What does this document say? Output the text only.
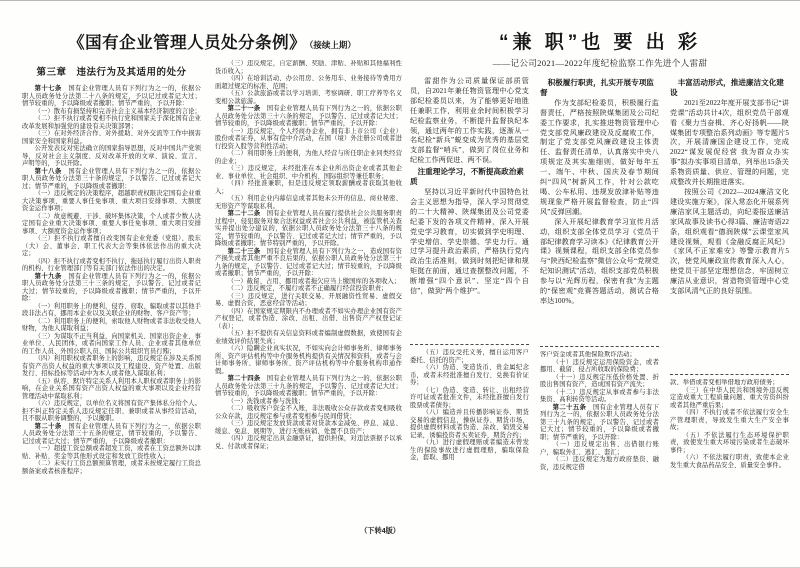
《国有企业管理人员处分条例》 （接续上期）
第三章　违法行为及其适用的处分

第十七条　国有企业管理人员有下列行为之一的，依据公职人员政务处分法第二十八条的规定，予以记过或者记大过；情节较重的，予以降级或者撤职；情节严重的，予以开除：

（一）散布有损坚持和完善社会主义基本经济制度的言论；

（二）拒不执行或者变相不执行党和国家关于深化国有企业改革发展和加强党的建设有关决策部署；

（三）在对外经济合作、对外援助、对外交流等工作中损害国家安全和国家利益。

公开发表反对宪法确立的国家指导思想，反对中国共产党领导，反对社会主义制度、反对改革开放的文章、演说、宣言、声明等的，予以开除。

第十八条　国有企业管理人员有下列行为之一的，依据公职人员政务处分法第三十条的规定，予以警告、记过或者记大过；情节严重的，予以降级或者撤职：

（一）违反规定的决策程序，超越职责权限决定国有企业重大决策事项、重要人事任免事项、重大项目安排事项、大额度资金运作事项；

（二）故意规避、干涉、破坏集体决策，个人或者少数人决定国有企业重大决策事项、重要人事任免事项、重大项目安排事项、大额度资金运作事项；

（三）拒不执行或者擅自改变国有企业党委（党组）、股东（大）会、董事会、职工代表大会等集体依法作出的重大决定；

（四）拒不执行或者变相不执行、拖延执行履行出资人职责的机构、行业管理部门等有关部门依法作出的决定。

第十九条　国有企业管理人员有下列行为之一的，依据公职人员政务处分法第三十三条的规定，予以警告、记过或者记大过；情节较重的，予以降级或者撤职；情节严重的，予以开除：

（一）利用职务上的便利，侵吞、窃取、骗取或者以其他手段非法占有，挪用本企业以及关联企业的财物、客户资产等；

（二）利用职务上的便利，索取他人财物或者非法收受他人财物，为他人谋取利益；

（三）为谋取不正当利益，向国家机关、国家出资企业、事业单位、人民团体，或者向国家工作人员、企业或者其他单位的工作人员、外国公职人员、国际公共组织官员行贿；

（四）利用职权或者职务上的影响，违反规定在涉及关系国有资产出资人权益的重大事项以及工程建设、资产处置、出版发行、招标投标等活动中为本人或者他人谋取私利；

（五）纵容、默许特定关系人利用本人职权或者职务上的影响，在企业关系国有资产出资人权益的重大事项以及企业经营管理活动中谋取私利；

（六）违反规定，以单位名义将国有资产集体私分给个人。拒不纠正特定关系人违反规定任职、兼职或者从事经营活动，且不服从职务调整的，予以撤职。

第二十条　国有企业管理人员有下列行为之一，依据公职人员政务处分法第三十五条的规定，情节较重的，予以警告、记过或者记大过；情节严重的，予以降级或者撤职：

（一）超提工资总额或者超发工资，或者在工资总额外以津贴、补贴、奖金等其他形式设定和发放工资性收入；

（二）未实行工资总额预算管理，或者未按规定履行工资总额备案或者核准程序；

（三）违反规定，自定薪酬、奖励、津贴、补贴和其他福利性货币收入；

（四）在培训活动、办公用房、公务用车、业务接待等费用方面超过规定的标准、范围；

（五）公款旅游或者以学习培训、考察调研、职工疗养等名义变相公款旅游。

第二十一条　国有企业管理人员有下列行为之一的，依据公职人员政务处分法第三十六条的规定，予以警告、记过或者记大过；情节较重的，予以降级或者撤职；情节严重的，予以开除：

（一）违反规定，个人经商办企业，拥有非上市公司（企业）股份或者证券，从事有偿中介活动，在国（境）外注册公司或者进行投资入股等营利性活动；

（二）利用职务上的便利，为他人经营与所任职企业同类经营的企业；

（三）违反规定，未经批准在本企业所出资企业或者其他企业、事业单位、社会组织、中介机构、国际组织等兼任职务；

（四）经批准兼职，但是违反规定领取薪酬或者获取其他收入；

（五）利用企业内幕信息或者其他未公开的信息、商业秘密、无形资产等谋取私利。

第二十二条　国有企业管理人员在履行提供社会公共服务职责过程中，侵犯服务对象合法权益或者社会公共利益，被监管机关查实并提出处分建议的，依据公职人员政务处分法第三十八条的规定，情节较重的，予以警告、记过或者记大过；情节严重的，予以降级或者撤职；情节特别严重的，予以开除。

第二十三条　国有企业管理人员有下列行为之一，造成国有资产损失或者其他严重不良后果的，依据公职人员政务处分法第三十九条的规定，予以警告、记过或者记大过；情节较重的，予以降级或者撤职；情节严重的，予以开除：

（一）截留、占用、挪用或者拖欠应当上缴国库的各项收入；

（二）违反规定，不履行或者不正确履行经营投资职责；

（三）违反规定，进行关联交易、开展融资性贸易、虚假交易、虚假合资，恶意经营等活动；

（四）在国家规定期限内不办理或者不如实办理企业国有资产产权登记，或者伪造、涂改、出租、出借、出售资产产权登记证（表）；

（五）拒不提供有关信息资料或者编制虚假数据，致使国有企业绩效评价结果失真；

（六）隐瞒企业真实状况，不如实向会计师事务所、律师事务所、资产评估机构等中介服务机构提供有关情况和资料，或者与会计师事务所、律师事务所、资产评估机构等中介服务机构串通作假。

第二十四条　国有企业管理人员有下列行为之一的，依据公职人员政务处分法第三十九条的规定，予以警告、记过或者记大过；情节较重的，予以降级或者撤职；情节严重的，予以开除：

（一）洗钱或者参与洗钱；

（二）吸收客户资金不入账，非法吸收公众存款或者变相吸收公众存款，违反规定参与或者变相参与民间借贷；

（三）违反规定发放贷款或者对贷款本金减免、停息、减息、缓息、免息、展期等，进行无账核销、处置不良资产；

（四）违反规定出具金融票证，提供担保，对违法票据予以承兑、付款或者保证；

（下转4版）
“兼 职”也 要 出 彩
——记公司2021—2022年度纪检监察工作先进个人雷甜

雷甜作为公司质量保证部质管员，自2021年兼任物资管理中心党支部纪检委员以来，为了能够更好地胜任兼职工作，利用业余时间积极学习纪检监察业务，不断提升监督执纪本领，通过两年的工作实践，逐渐从一名纪检“新兵”蜕变成为优秀的基层党支部监督“哨兵”，做到了岗位业务和纪检工作两促进、两不误。

注重理论学习，不断提高政治素质

坚持以习近平新时代中国特色社会主义思想为指导，深入学习贯彻党的二十大精神、陕煤集团及公司党委纪委下发的各项文件精神，深入开展党史学习教育，切实做到学史明理、学史增信、学史崇德、学史力行。通过学习提升政治素质，严格执行党内政治生活准则，做到时刻把纪律和规矩挺在前面，通过查摆整改问题，不断增强“四个意识”、坚定“四个自信”，做到“两个维护”。

（五）违反受托义务，擅自运用客户委托、信托的资产；

（六）伪造、变造货币、贵金属纪念币，或者未经批准擅自发行、兑换有价证券；

（七）伪造、变造、转让、出租经营许可证或者批准文件，未经批准擅自发行股票或者债券；

（八）编造并且传播影响证券、期货交易的虚假信息，操纵证券、期货市场，提供虚假材料或者伪造、涂改、销毁交易记录，诱骗投资者买卖证券、期货合约；

（九）进行虚假理赔或者编造未曾发生的保险事故进行虚假理赔，骗取保险金，套取、挪用

积极履行职责，扎实开展专项监督

作为支部纪检委员，积极履行监督责任，严格按照陕煤集团及公司纪委工作要求，扎实推进物资管理中心党支部党风廉政建设及反腐败工作，制定了党支部党风廉政建设主体责任、监督责任清单，认真落实中央八项规定及其实施细则，做好每年五一、端午、中秋、国庆及春节期间纠“四风”树新风工作，针对公款吃喝、公车私用、违规发放津补贴等违规现象严格开展监督检查，防止“四风”反弹回潮。

深入开展纪律教育学习宣传月活动，组织支部全体党员学习《党员干部纪律教育学习读本》《纪律教育公开课》视频课程，组织支部全体党员参与“陕西纪检监察”微信公众号“党规党纪知识测试”活动，组织支部党员积极参与以“光辉历程，保密有我”为主题的“保密观”竞赛答题活动，测试合格率达100%。

客户资金或者其他保险欺诈活动；

（十）违反规定运用保险资金，或者挪用、截留、侵占所收取的保险费；

（十一）违反规定压低价格处置、折股出售国有资产，造成国有资产流失；

（十二）违反规定从事或者参与非法集资、高利转贷等活动。

第二十五条　国有企业管理人员有下列行为之一的，依据公职人员政务处分法第三十九条的规定，予以警告、记过或者记大过；情节较重的，予以降级或者撤职；情节严重的，予以开除：

（一）违反规定出售、出借银行账户，骗取外汇、逃汇、套汇；

（二）违反规定为地方政府垫资、融资，违反规定借

丰富活动形式，推进廉洁文化建设

2021至2022年度开展支部书记“讲党课”活动共计4次，组织党员干部观看《聚力当奋楫、齐心好扬帆——陕煤集团专项整治系列动画》等专题片5次，开展清廉国企建设工作，完成2022“谋发展促经营 我为群众办实事”拟办实事项目清单，列举出15条关系物资质量、供应、管理的问题，完成整改并长期推进落实。

按照公司《2022—2024廉洁文化建设实施方案》，深入常态化开展系列廉洁家风主题活动，向纪委报送廉洁家风故事及读书心得3篇、廉洁寄语22条，组织观看“德润陕煤”云课堂家风建设视频，观看《金融反腐正风纪》《家风不正家难安》等警示教育片5次，使党风廉政宣传教育深入人心，使党员干部坚定理想信念，牢固树立廉洁从业意识，营造物资管理中心党支部风清气正的良好氛围。

款、举借或者变相举借地方政府债务；

（三）在中华人民共和国境外违反规定造成重大工程质量问题、重大劳资纠纷或者其他严重后果；

（四）不执行或者不依法履行安全生产管理职责，导致发生重大生产安全事故；

（五）不依法履行生态环境保护职责，致使发生重大环境污染或者生态破坏事件；

（六）不依法履行职责，致使本企业发生重大食品药品安全、质量安全事件。
